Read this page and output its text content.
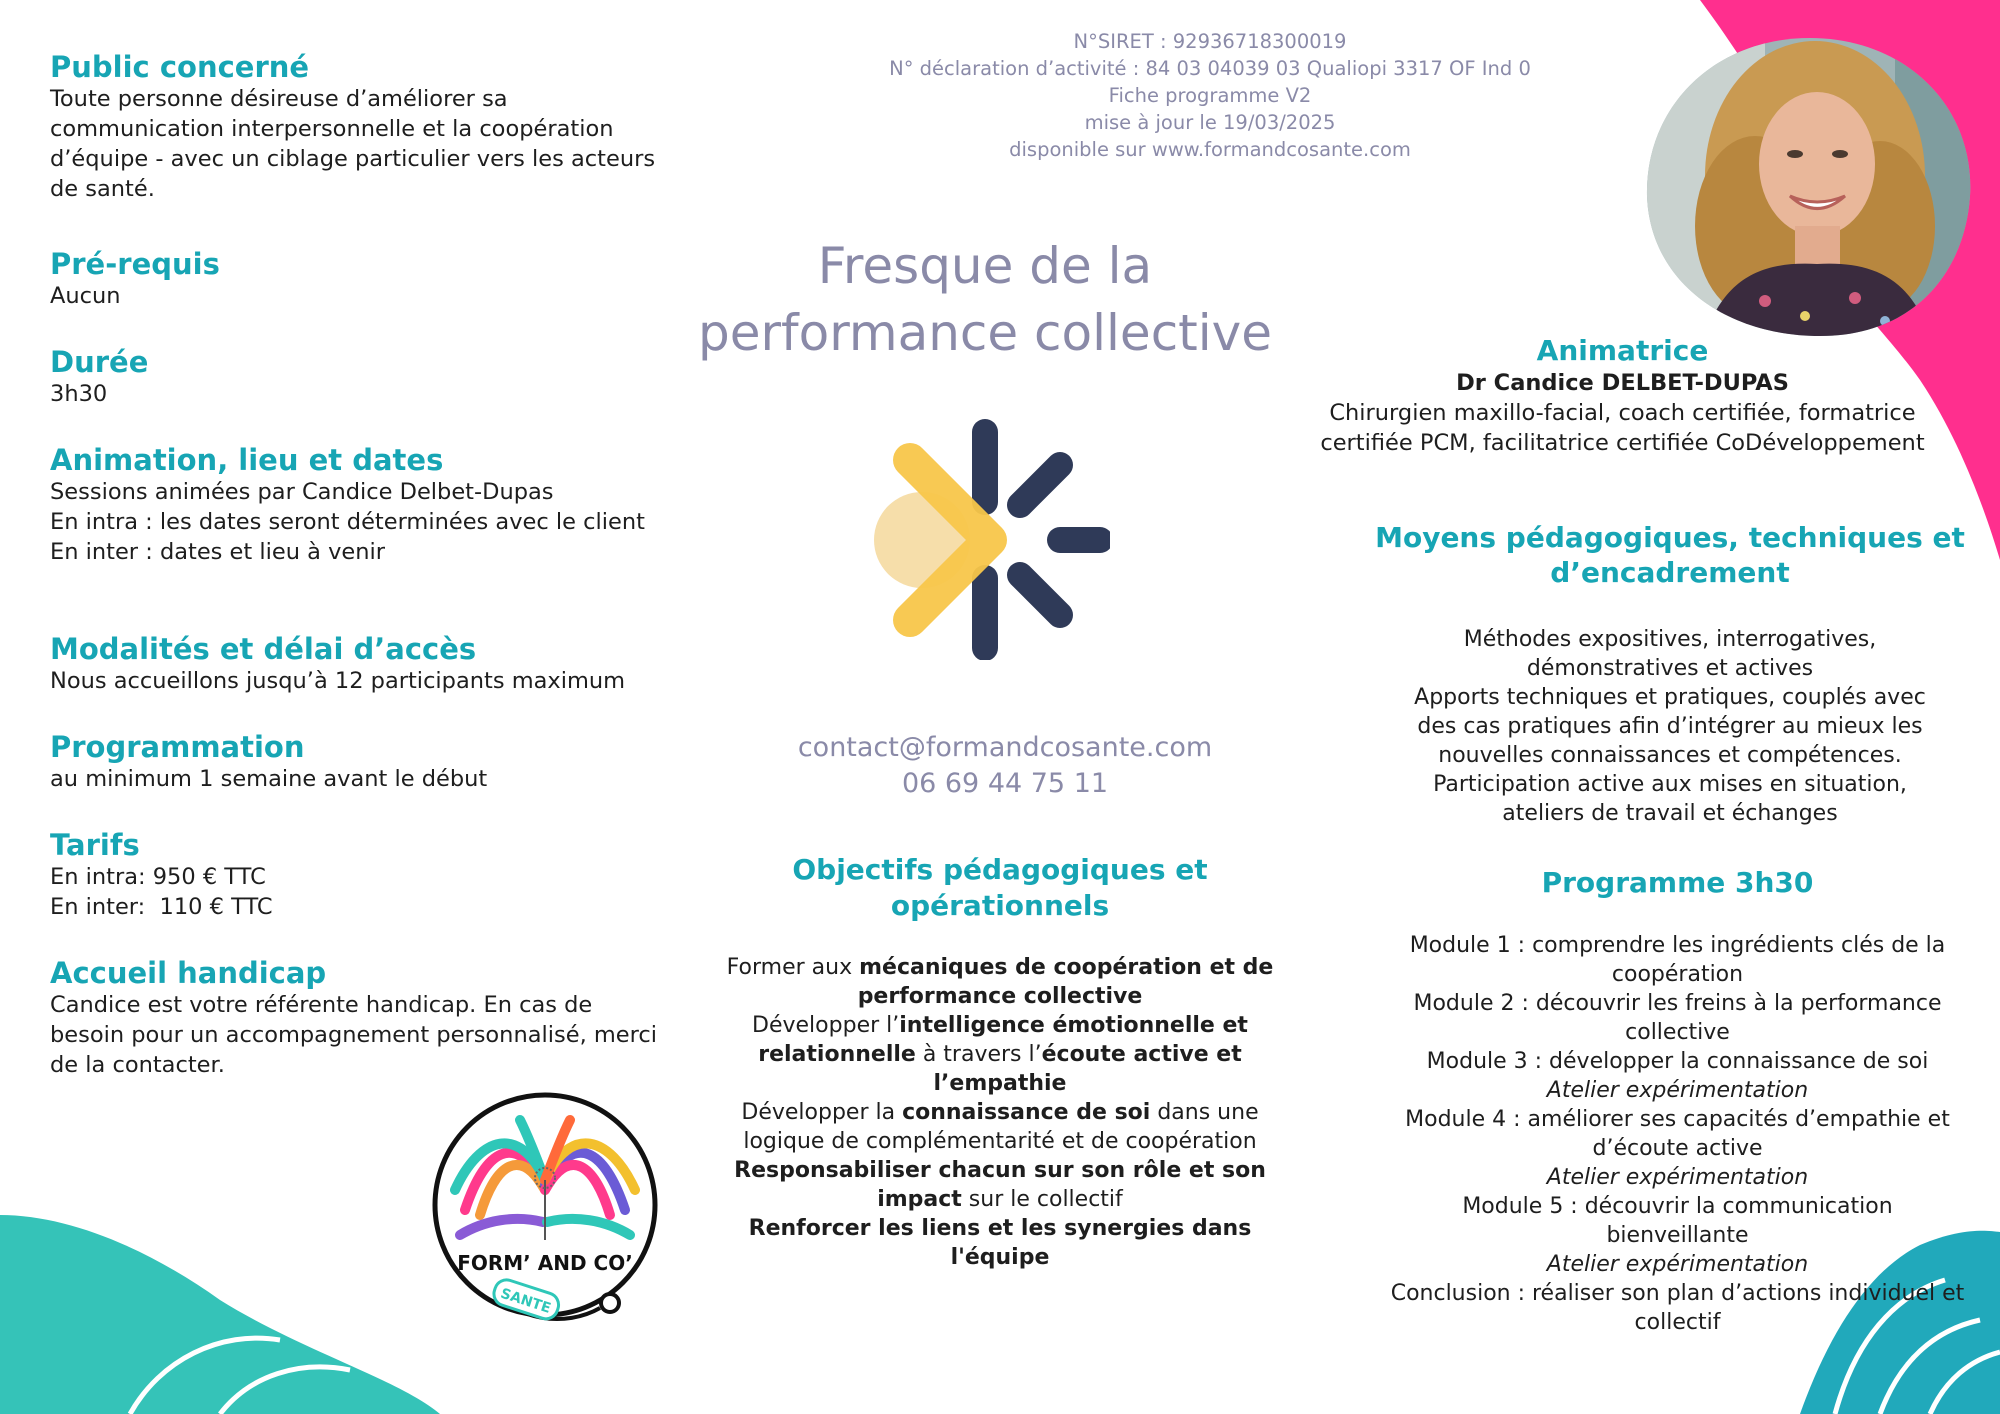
N°SIRET : 92936718300019
N° déclaration d’activité : 84 03 04039 03 Qualiopi 3317 OF Ind 0
Fiche programme V2
mise à jour le 19/03/2025
disponible sur www.formandcosante.com
Fresque de la
performance collective
contact@formandcosante.com
06 69 44 75 11
Public concerné
Toute personne désireuse d’améliorer sa
communication interpersonnelle et la coopération
d’équipe - avec un ciblage particulier vers les acteurs
de santé.
Pré-requis
Aucun
Durée
3h30
Animation, lieu et dates
Sessions animées par Candice Delbet-Dupas
En intra : les dates seront déterminées avec le client
En inter : dates et lieu à venir
Modalités et délai d’accès
Nous accueillons jusqu’à 12 participants maximum
Programmation
au minimum 1 semaine avant le début
Tarifs
En intra: 950 € TTC
En inter:  110 € TTC
Accueil handicap
Candice est votre référente handicap. En cas de
besoin pour un accompagnement personnalisé, merci
de la contacter.
FORM’ AND CO’
SANTE
Objectifs pédagogiques et
opérationnels
Former aux mécaniques de coopération et de
performance collective
Développer l’intelligence émotionnelle et
relationnelle à travers l’écoute active et
l’empathie
Développer la connaissance de soi dans une
logique de complémentarité et de coopération
Responsabiliser chacun sur son rôle et son
impact sur le collectif
Renforcer les liens et les synergies dans
l'équipe
Animatrice
Dr Candice DELBET-DUPAS
Chirurgien maxillo-facial, coach certifiée, formatrice
certifiée PCM, facilitatrice certifiée CoDéveloppement
Moyens pédagogiques, techniques et
d’encadrement
Méthodes expositives, interrogatives,
démonstratives et actives
Apports techniques et pratiques, couplés avec
des cas pratiques afin d’intégrer au mieux les
nouvelles connaissances et compétences.
Participation active aux mises en situation,
ateliers de travail et échanges
Programme 3h30
Module 1 : comprendre les ingrédients clés de la
coopération
Module 2 : découvrir les freins à la performance
collective
Module 3 : développer la connaissance de soi
Atelier expérimentation
Module 4 : améliorer ses capacités d’empathie et
d’écoute active
Atelier expérimentation
Module 5 : découvrir la communication
bienveillante
Atelier expérimentation
Conclusion : réaliser son plan d’actions individuel et
collectif
